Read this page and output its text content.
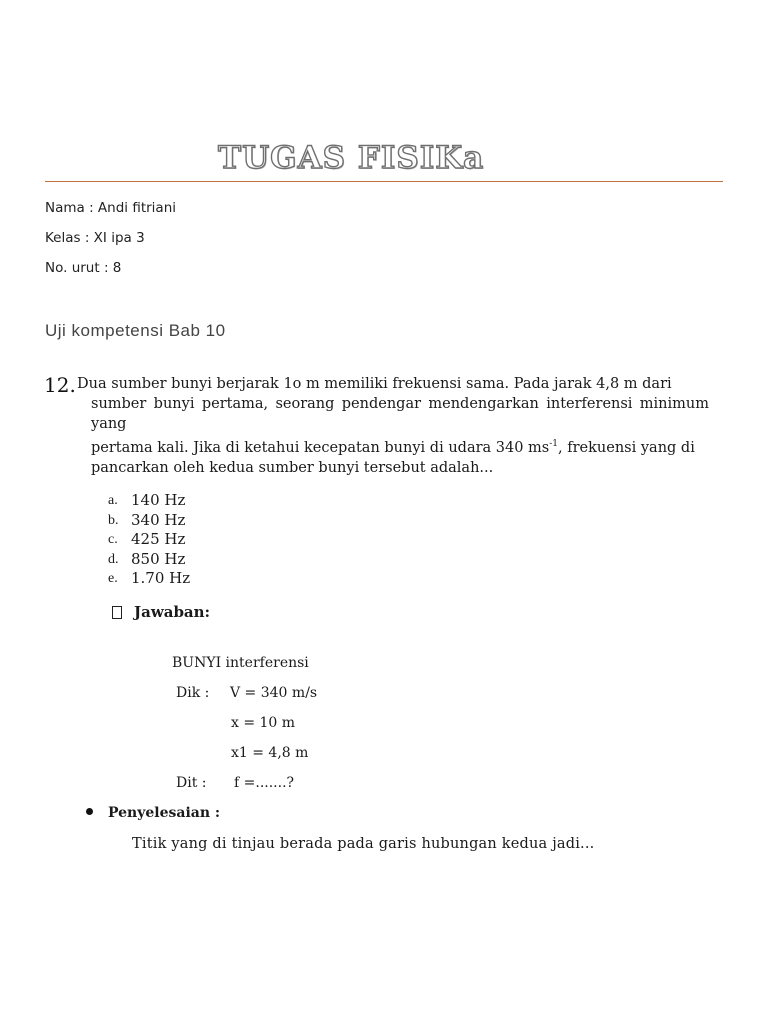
TUGAS FISIKa
Nama : Andi fitriani
Kelas : XI ipa 3
No. urut : 8
Uji kompetensi Bab 10
12. Dua sumber bunyi berjarak 1o m memiliki frekuensi sama. Pada jarak 4,8 m dari
sumber bunyi pertama, seorang pendengar mendengarkan interferensi minimum yang
pertama kali. Jika di ketahui kecepatan bunyi di udara 340 $ms^{-1}$, frekuensi yang di
pancarkan oleh kedua sumber bunyi tersebut adalah...
a. 140 Hz
b. 340 Hz
c. 425 Hz
d. 850 Hz
e. 1.70 Hz
Jawaban:
BUNYI interferensi
Dik : V = 340 m/s
x = 10 m
x1 = 4,8 m
Dit : f =.......?
Penyelesaian :
Titik yang di tinjau berada pada garis hubungan kedua jadi...
